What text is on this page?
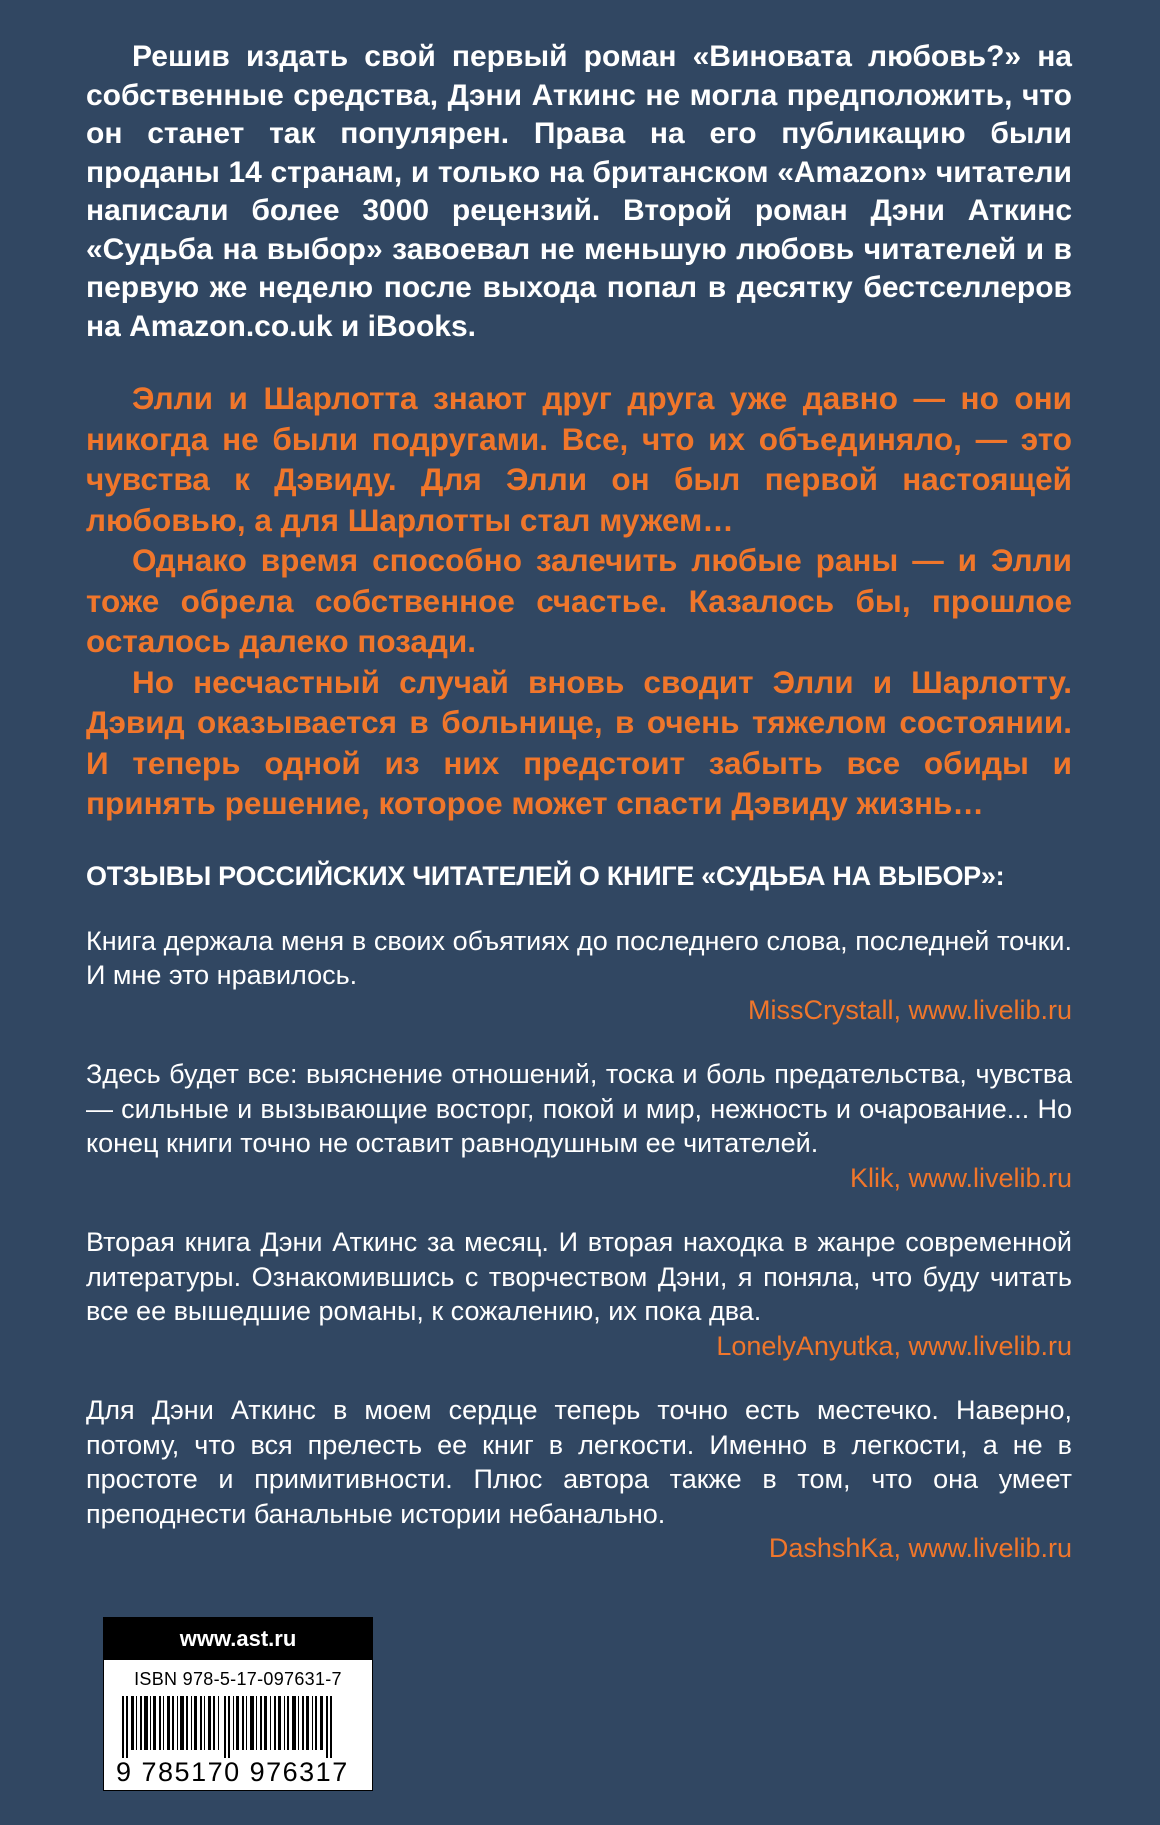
Решив издать свой первый роман «Виновата любовь?» на собственные средства, Дэни Аткинс не могла предположить, что он станет так популярен. Права на его публикацию были проданы 14 странам, и только на британском «Amazon» читатели написали более 3000 рецензий. Второй роман Дэни Аткинс «Судьба на выбор» завоевал не меньшую любовь читателей и в первую же неделю после выхода попал в десятку бестселлеров на Amazon.co.uk и iBooks.

Элли и Шарлотта знают друг друга уже давно — но они никогда не были подругами. Все, что их объединяло, — это чувства к Дэвиду. Для Элли он был первой настоящей любовью, а для Шарлотты стал мужем…

Однако время способно залечить любые раны — и Элли тоже обрела собственное счастье. Казалось бы, прошлое осталось далеко позади.

Но несчастный случай вновь сводит Элли и Шарлотту. Дэвид оказывается в больнице, в очень тяжелом состоянии. И теперь одной из них предстоит забыть все обиды и принять решение, которое может спасти Дэвиду жизнь…

ОТЗЫВЫ РОССИЙСКИХ ЧИТАТЕЛЕЙ О КНИГЕ «СУДЬБА НА ВЫБОР»:

Книга держала меня в своих объятиях до последнего слова, последней точки. И мне это нравилось.

MissCrystall, www.livelib.ru

Здесь будет все: выяснение отношений, тоска и боль предательства, чувства — сильные и вызывающие восторг, покой и мир, нежность и очарование... Но конец книги точно не оставит равнодушным ее читателей.

Klik, www.livelib.ru

Вторая книга Дэни Аткинс за месяц. И вторая находка в жанре современной литературы. Ознакомившись с творчеством Дэни, я поняла, что буду читать все ее вышедшие романы, к сожалению, их пока два.

LonelyAnyutka, www.livelib.ru

Для Дэни Аткинс в моем сердце теперь точно есть местечко. Наверно, потому, что вся прелесть ее книг в легкости. Именно в легкости, а не в простоте и примитивности. Плюс автора также в том, что она умеет преподнести банальные истории небанально.

DashshKa, www.livelib.ru
www.ast.ru
ISBN 978-5-17-097631-7
9 785170 976317
